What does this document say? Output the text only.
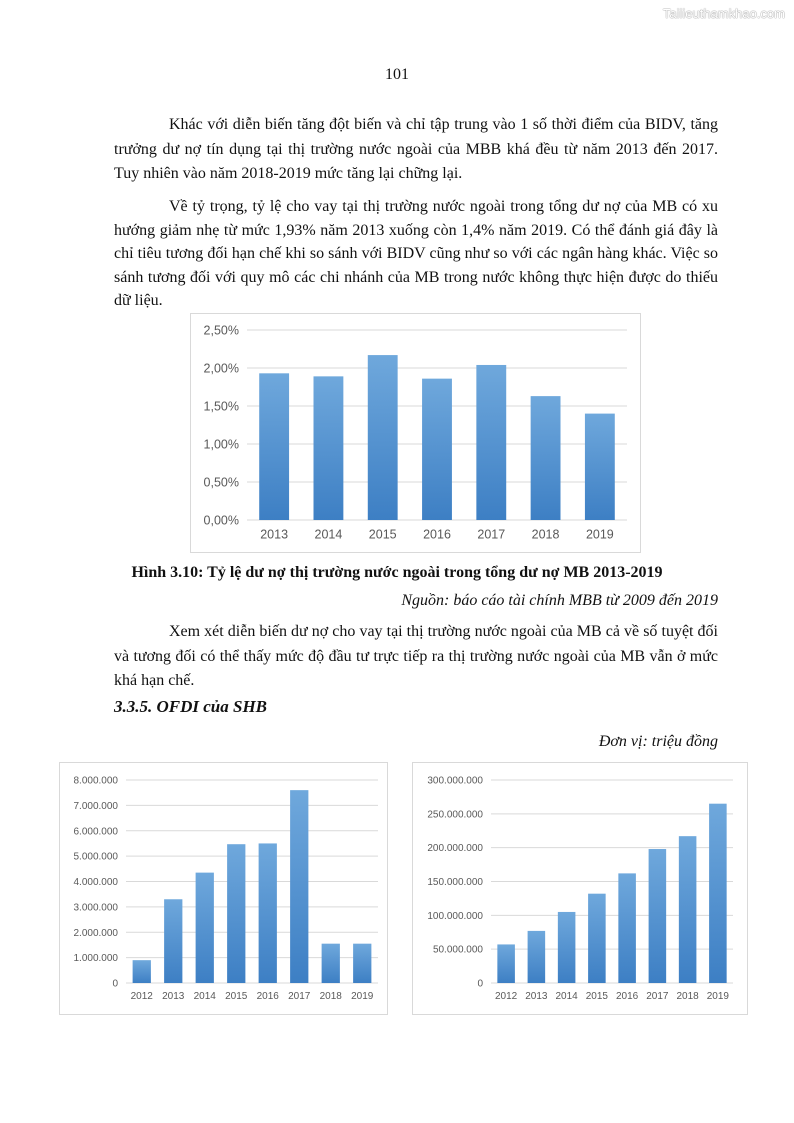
Tailieuthamkhao.com
101

Khác với diễn biến tăng đột biến và chỉ tập trung vào 1 số thời điểm của BIDV, tăng trưởng dư nợ tín dụng tại thị trường nước ngoài của MBB khá đều từ năm 2013 đến 2017. Tuy nhiên vào năm 2018-2019 mức tăng lại chững lại.

Về tỷ trọng, tỷ lệ cho vay tại thị trường nước ngoài trong tổng dư nợ của MB có xu hướng giảm nhẹ từ mức 1,93% năm 2013 xuống còn 1,4% năm 2019. Có thể đánh giá đây là chỉ tiêu tương đối hạn chế khi so sánh với BIDV cũng như so với các ngân hàng khác. Việc so sánh tương đối với quy mô các chi nhánh của MB trong nước không thực hiện được do thiếu dữ liệu.

0,00%
0,50%
1,00%
1,50%
2,00%
2,50%
2013 2014 2015 2016 2017 2018 2019
Hình 3.10: Tỷ lệ dư nợ thị trường nước ngoài trong tổng dư nợ MB 2013-2019
Nguồn: báo cáo tài chính MBB từ 2009 đến 2019

Xem xét diễn biến dư nợ cho vay tại thị trường nước ngoài của MB cả về số tuyệt đối và tương đối có thể thấy mức độ đầu tư trực tiếp ra thị trường nước ngoài của MB vẫn ở mức khá hạn chế.

3.3.5. OFDI của SHB
Đơn vị: triệu đồng
0
1.000.000
2.000.000
3.000.000
4.000.000
5.000.000
6.000.000
7.000.000
8.000.000
2012 2013 2014 2015 2016 2017 2018 2019
0
50.000.000
100.000.000
150.000.000
200.000.000
250.000.000
300.000.000
2012 2013 2014 2015 2016 2017 2018 2019
